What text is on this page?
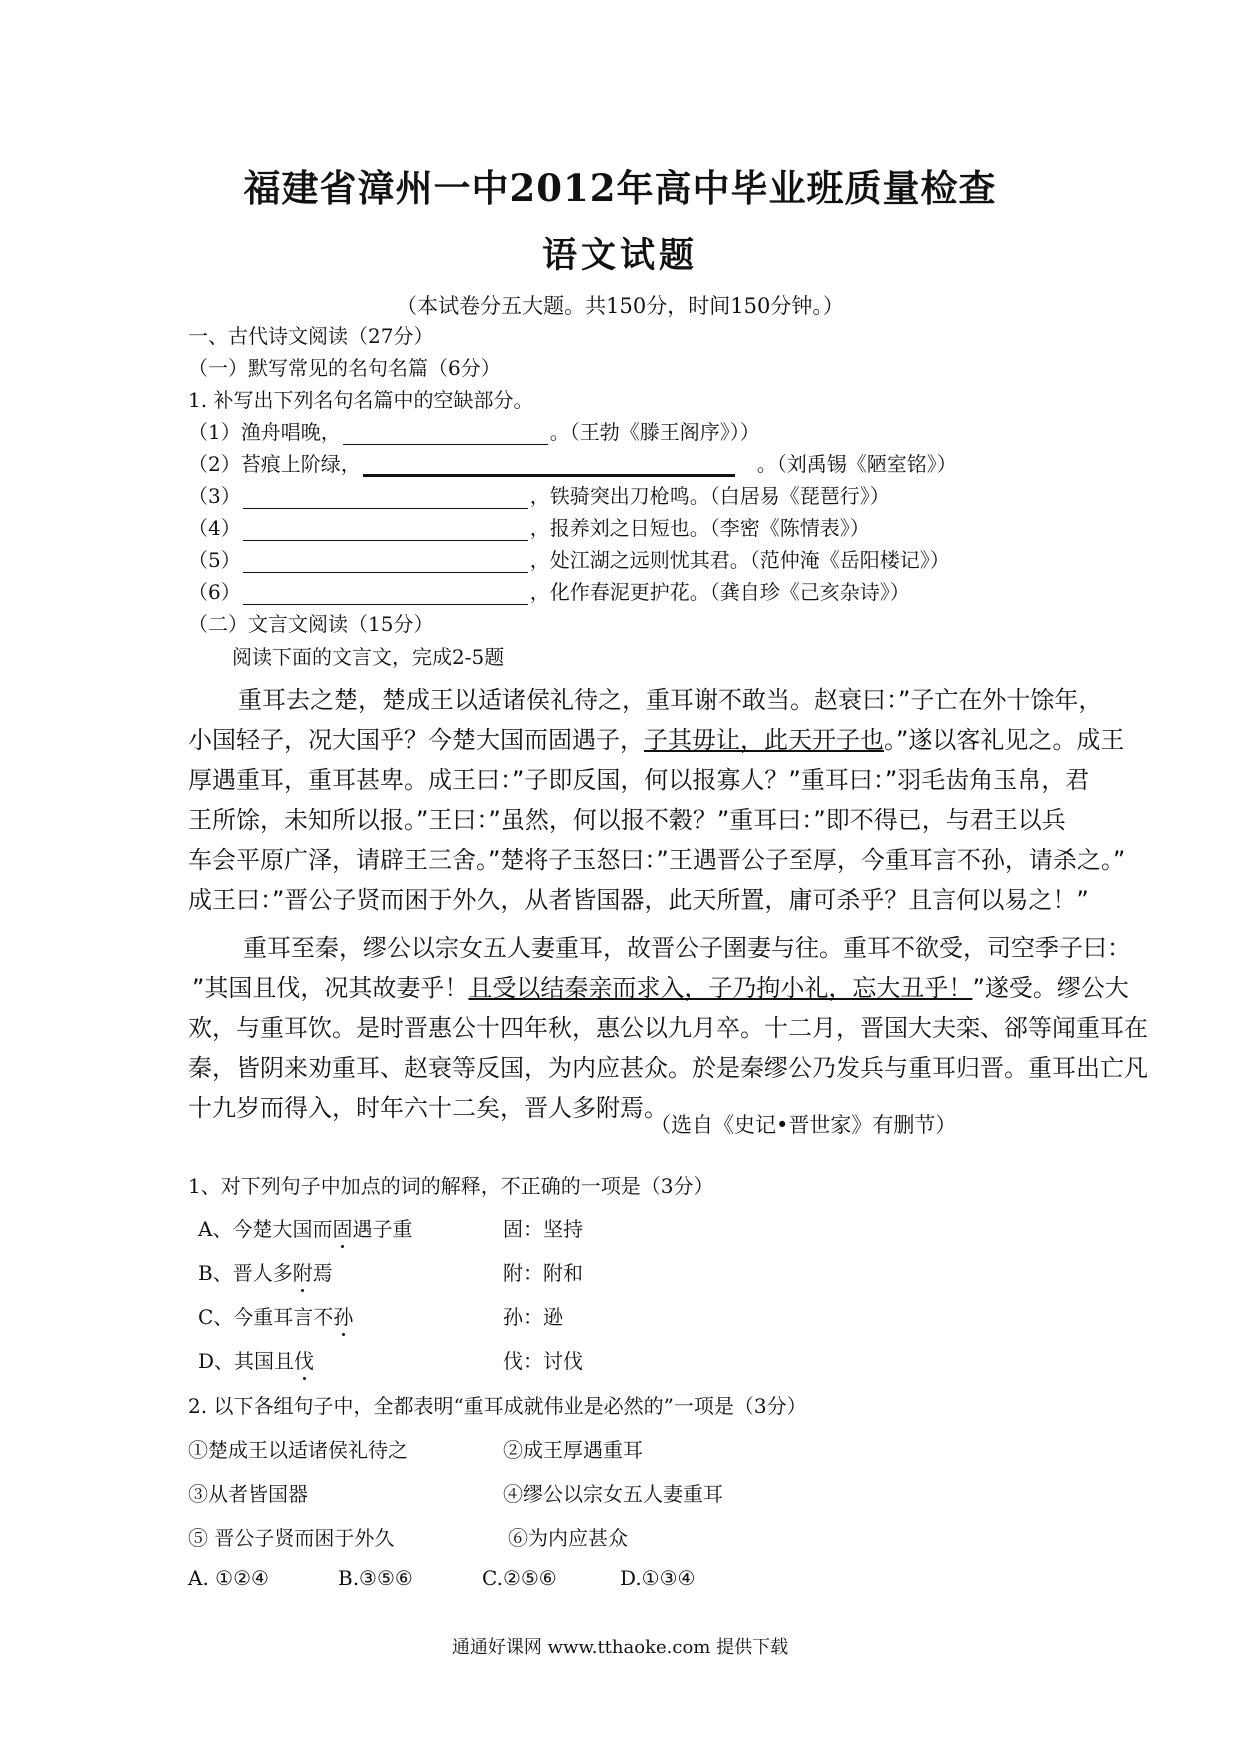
福建省漳州一中2012年高中毕业班质量检查
语文试题
（本试卷分五大题。共150分，时间150分钟。）
一、古代诗文阅读（27分）
（一）默写常见的名句名篇（6分）
1. 补写出下列名句名篇中的空缺部分。
（1）渔舟唱晚，	。（王勃《滕王阁序》））
（2）苔痕上阶绿，	。（刘禹锡《陋室铭》）
（3）	，铁骑突出刀枪鸣。（白居易《琵琶行》）
（4）	，报养刘之日短也。（李密《陈情表》）
（5）	，处江湖之远则忧其君。（范仲淹《岳阳楼记》）
（6）	，化作春泥更护花。（龚自珍《己亥杂诗》）
（二）文言文阅读（15分）
阅读下面的文言文，完成2-5题
重耳去之楚，楚成王以适诸侯礼待之，重耳谢不敢当。赵衰曰：”子亡在外十馀年，
小国轻子，况大国乎？今楚大国而固遇子，子其毋让，此天开子也。”遂以客礼见之。成王
厚遇重耳，重耳甚卑。成王曰：”子即反国，何以报寡人？”重耳曰：”羽毛齿角玉帛，君
王所馀，未知所以报。”王曰：”虽然，何以报不穀？”重耳曰：”即不得已，与君王以兵
车会平原广泽，请辟王三舍。”楚将子玉怒曰：”王遇晋公子至厚，今重耳言不孙，请杀之。”
成王曰：”晋公子贤而困于外久，从者皆国器，此天所置，庸可杀乎？且言何以易之！”
重耳至秦，缪公以宗女五人妻重耳，故晋公子圉妻与往。重耳不欲受，司空季子曰：
”其国且伐，况其故妻乎！且受以结秦亲而求入，子乃拘小礼，忘大丑乎！”遂受。缪公大
欢，与重耳饮。是时晋惠公十四年秋，惠公以九月卒。十二月，晋国大夫栾、郤等闻重耳在
秦，皆阴来劝重耳、赵衰等反国，为内应甚众。於是秦缪公乃发兵与重耳归晋。重耳出亡凡
十九岁而得入，时年六十二矣，晋人多附焉。
（选自《史记•晋世家》有删节）
1、对下列句子中加点的词的解释，不正确的一项是（3分）
A、今楚大国而固遇子重	固：坚持
B、晋人多附焉	附：附和
C、今重耳言不孙	孙：逊
D、其国且伐	伐：讨伐
2. 以下各组句子中，全都表明“重耳成就伟业是必然的”一项是（3分）
①楚成王以适诸侯礼待之	②成王厚遇重耳
③从者皆国器	④缪公以宗女五人妻重耳
⑤ 晋公子贤而困于外久	⑥为内应甚众
A. ①②④	B.③⑤⑥	C.②⑤⑥	D.①③④
通通好课网 www.tthaoke.com 提供下载
